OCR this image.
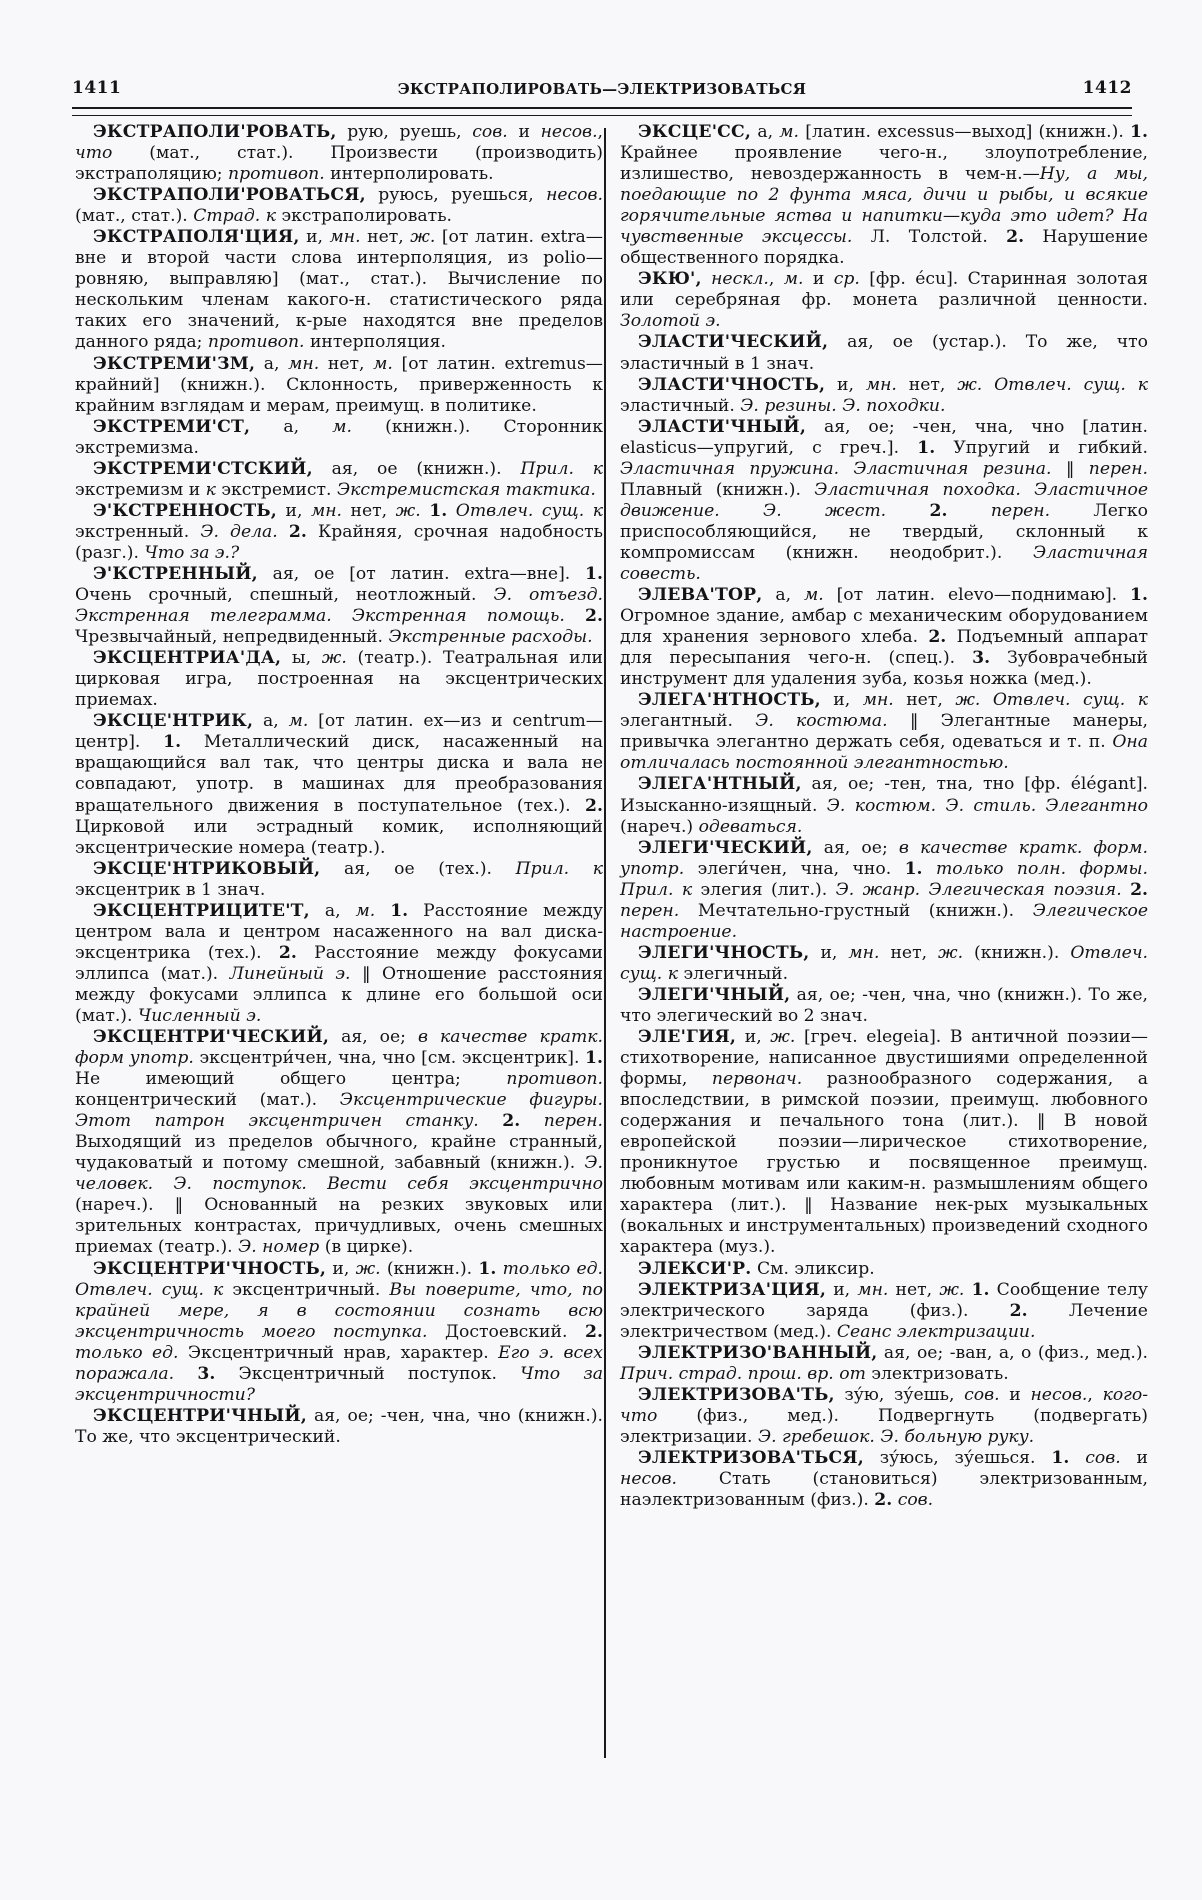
1411	ЭКСТРАПОЛИРОВАТЬ—ЭЛЕКТРИЗОВАТЬСЯ	1412

ЭКСТРАПОЛИ'РОВАТЬ, рую, руешь, сов. и несов., что (мат., стат.). Произвести (производить) экстраполяцию; противоп. интерполировать.

ЭКСТРАПОЛИ'РОВАТЬСЯ, руюсь, руешься, несов. (мат., стат.). Страд. к экстраполировать.

ЭКСТРАПОЛЯ'ЦИЯ, и, мн. нет, ж. [от латин. extra—вне и второй части слова интерполяция, из polio—ровняю, выправляю] (мат., стат.). Вычисление по нескольким членам какого-н. статистического ряда таких его значений, к-рые находятся вне пределов данного ряда; противоп. интерполяция.

ЭКСТРЕМИ'ЗМ, а, мн. нет, м. [от латин. extremus—крайний] (книжн.). Склонность, приверженность к крайним взглядам и мерам, преимущ. в политике.

ЭКСТРЕМИ'СТ, а, м. (книжн.). Сторонник экстремизма.

ЭКСТРЕМИ'СТСКИЙ, ая, ое (книжн.). Прил. к экстремизм и к экстремист. Экстремистская тактика.

Э'КСТРЕННОСТЬ, и, мн. нет, ж. 1. Отвлеч. сущ. к экстренный. Э. дела. 2. Крайняя, срочная надобность (разг.). Что за э.?

Э'КСТРЕННЫЙ, ая, ое [от латин. extra—вне]. 1. Очень срочный, спешный, неотложный. Э. отъезд. Экстренная телеграмма. Экстренная помощь. 2. Чрезвычайный, непредвиденный. Экстренные расходы.

ЭКСЦЕНТРИА'ДА, ы, ж. (театр.). Театральная или цирковая игра, построенная на эксцентрических приемах.

ЭКСЦЕ'НТРИК, а, м. [от латин. ex—из и centrum—центр]. 1. Металлический диск, насаженный на вращающийся вал так, что центры диска и вала не совпадают, употр. в машинах для преобразования вращательного движения в поступательное (тех.). 2. Цирковой или эстрадный комик, исполняющий эксцентрические номера (театр.).

ЭКСЦЕ'НТРИКОВЫЙ, ая, ое (тех.). Прил. к эксцентрик в 1 знач.

ЭКСЦЕНТРИЦИТЕ'Т, а, м. 1. Расстояние между центром вала и центром насаженного на вал диска-эксцентрика (тех.). 2. Расстояние между фокусами эллипса (мат.). Линейный э. ‖ Отношение расстояния между фокусами эллипса к длине его большой оси (мат.). Численный э.

ЭКСЦЕНТРИ'ЧЕСКИЙ, ая, ое; в качестве кратк. форм употр. эксцентри́чен, чна, чно [см. эксцентрик]. 1. Не имеющий общего центра; противоп. концентрический (мат.). Эксцентрические фигуры. Этот патрон эксцентричен станку. 2. перен. Выходящий из пределов обычного, крайне странный, чудаковатый и потому смешной, забавный (книжн.). Э. человек. Э. поступок. Вести себя эксцентрично (нареч.). ‖ Основанный на резких звуковых или зрительных контрастах, причудливых, очень смешных приемах (театр.). Э. номер (в цирке).

ЭКСЦЕНТРИ'ЧНОСТЬ, и, ж. (книжн.). 1. только ед. Отвлеч. сущ. к эксцентричный. Вы поверите, что, по крайней мере, я в состоянии сознать всю эксцентричность моего поступка. Достоевский. 2. только ед. Эксцентричный нрав, характер. Его э. всех поражала. 3. Эксцентричный поступок. Что за эксцентричности?

ЭКСЦЕНТРИ'ЧНЫЙ, ая, ое; -чен, чна, чно (книжн.). То же, что эксцентрический.

ЭКСЦЕ'СС, а, м. [латин. excessus—выход] (книжн.). 1. Крайнее проявление чего-н., злоупотребление, излишество, невоздержанность в чем-н.—Ну, а мы, поедающие по 2 фунта мяса, дичи и рыбы, и всякие горячительные яства и напитки—куда это идет? На чувственные эксцессы. Л. Толстой. 2. Нарушение общественного порядка.

ЭКЮ', нескл., м. и ср. [фр. écu]. Старинная золотая или серебряная фр. монета различной ценности. Золотой э.

ЭЛАСТИ'ЧЕСКИЙ, ая, ое (устар.). То же, что эластичный в 1 знач.

ЭЛАСТИ'ЧНОСТЬ, и, мн. нет, ж. Отвлеч. сущ. к эластичный. Э. резины. Э. походки.

ЭЛАСТИ'ЧНЫЙ, ая, ое; -чен, чна, чно [латин. elasticus—упругий, с греч.]. 1. Упругий и гибкий. Эластичная пружина. Эластичная резина. ‖ перен. Плавный (книжн.). Эластичная походка. Эластичное движение. Э. жест.	2.	перен. Легко приспособляющийся, не твердый, склонный к компромиссам (книжн. неодобрит.). Эластичная совесть.

ЭЛЕВА'ТОР, а, м. [от латин. elevo—поднимаю]. 1. Огромное здание, амбар с механическим оборудованием для хранения зернового хлеба. 2. Подъемный аппарат для пересыпания чего-н. (спец.). 3. Зубоврачебный инструмент для удаления зуба, козья ножка (мед.).

ЭЛЕГА'НТНОСТЬ, и, мн. нет, ж. Отвлеч. сущ. к элегантный. Э. костюма. ‖ Элегантные манеры, привычка элегантно держать себя, одеваться и т. п. Она отличалась постоянной элегантностью.

ЭЛЕГА'НТНЫЙ, ая, ое; -тен, тна, тно [фр. élégant]. Изысканно-изящный. Э. костюм. Э. стиль. Элегантно (нареч.) одеваться.

ЭЛЕГИ'ЧЕСКИЙ, ая, ое; в качестве кратк. форм. употр. элеги́чен, чна, чно. 1. только полн. формы. Прил. к элегия (лит.). Э. жанр. Элегическая поэзия. 2. перен. Мечтательно-грустный (книжн.). Элегическое настроение.

ЭЛЕГИ'ЧНОСТЬ, и, мн. нет, ж. (книжн.). Отвлеч. сущ. к элегичный.

ЭЛЕГИ'ЧНЫЙ, ая, ое; -чен, чна, чно (книжн.). То же, что элегический во 2 знач.

ЭЛЕ'ГИЯ, и, ж. [греч. elegeia]. В античной поэзии—стихотворение, написанное двустишиями определенной формы, первонач. разнообразного содержания, а впоследствии, в римской поэзии, преимущ. любовного содержания и печального тона (лит.). ‖ В новой европейской поэзии—лирическое стихотворение, проникнутое грустью и посвященное преимущ. любовным мотивам или каким-н. размышлениям общего характера (лит.). ‖ Название нек-рых музыкальных (вокальных и инструментальных) произведений сходного характера (муз.).

ЭЛЕКСИ'Р. См. эликсир.

ЭЛЕКТРИЗА'ЦИЯ, и, мн. нет, ж. 1. Сообщение телу электрического заряда (физ.). 2. Лечение электричеством (мед.). Сеанс электризации.

ЭЛЕКТРИЗО'ВАННЫЙ, ая, ое; -ван, а, о (физ., мед.). Прич. страд. прош. вр. от электризовать.

ЭЛЕКТРИЗОВА'ТЬ, зу́ю, зу́ешь, сов. и несов., кого-что (физ., мед.). Подвергнуть (подвергать) электризации. Э. гребешок. Э. больную руку.

ЭЛЕКТРИЗОВА'ТЬСЯ, зу́юсь, зу́ешься. 1. сов. и несов. Стать (становиться) электризованным, наэлектризованным (физ.). 2. сов.
